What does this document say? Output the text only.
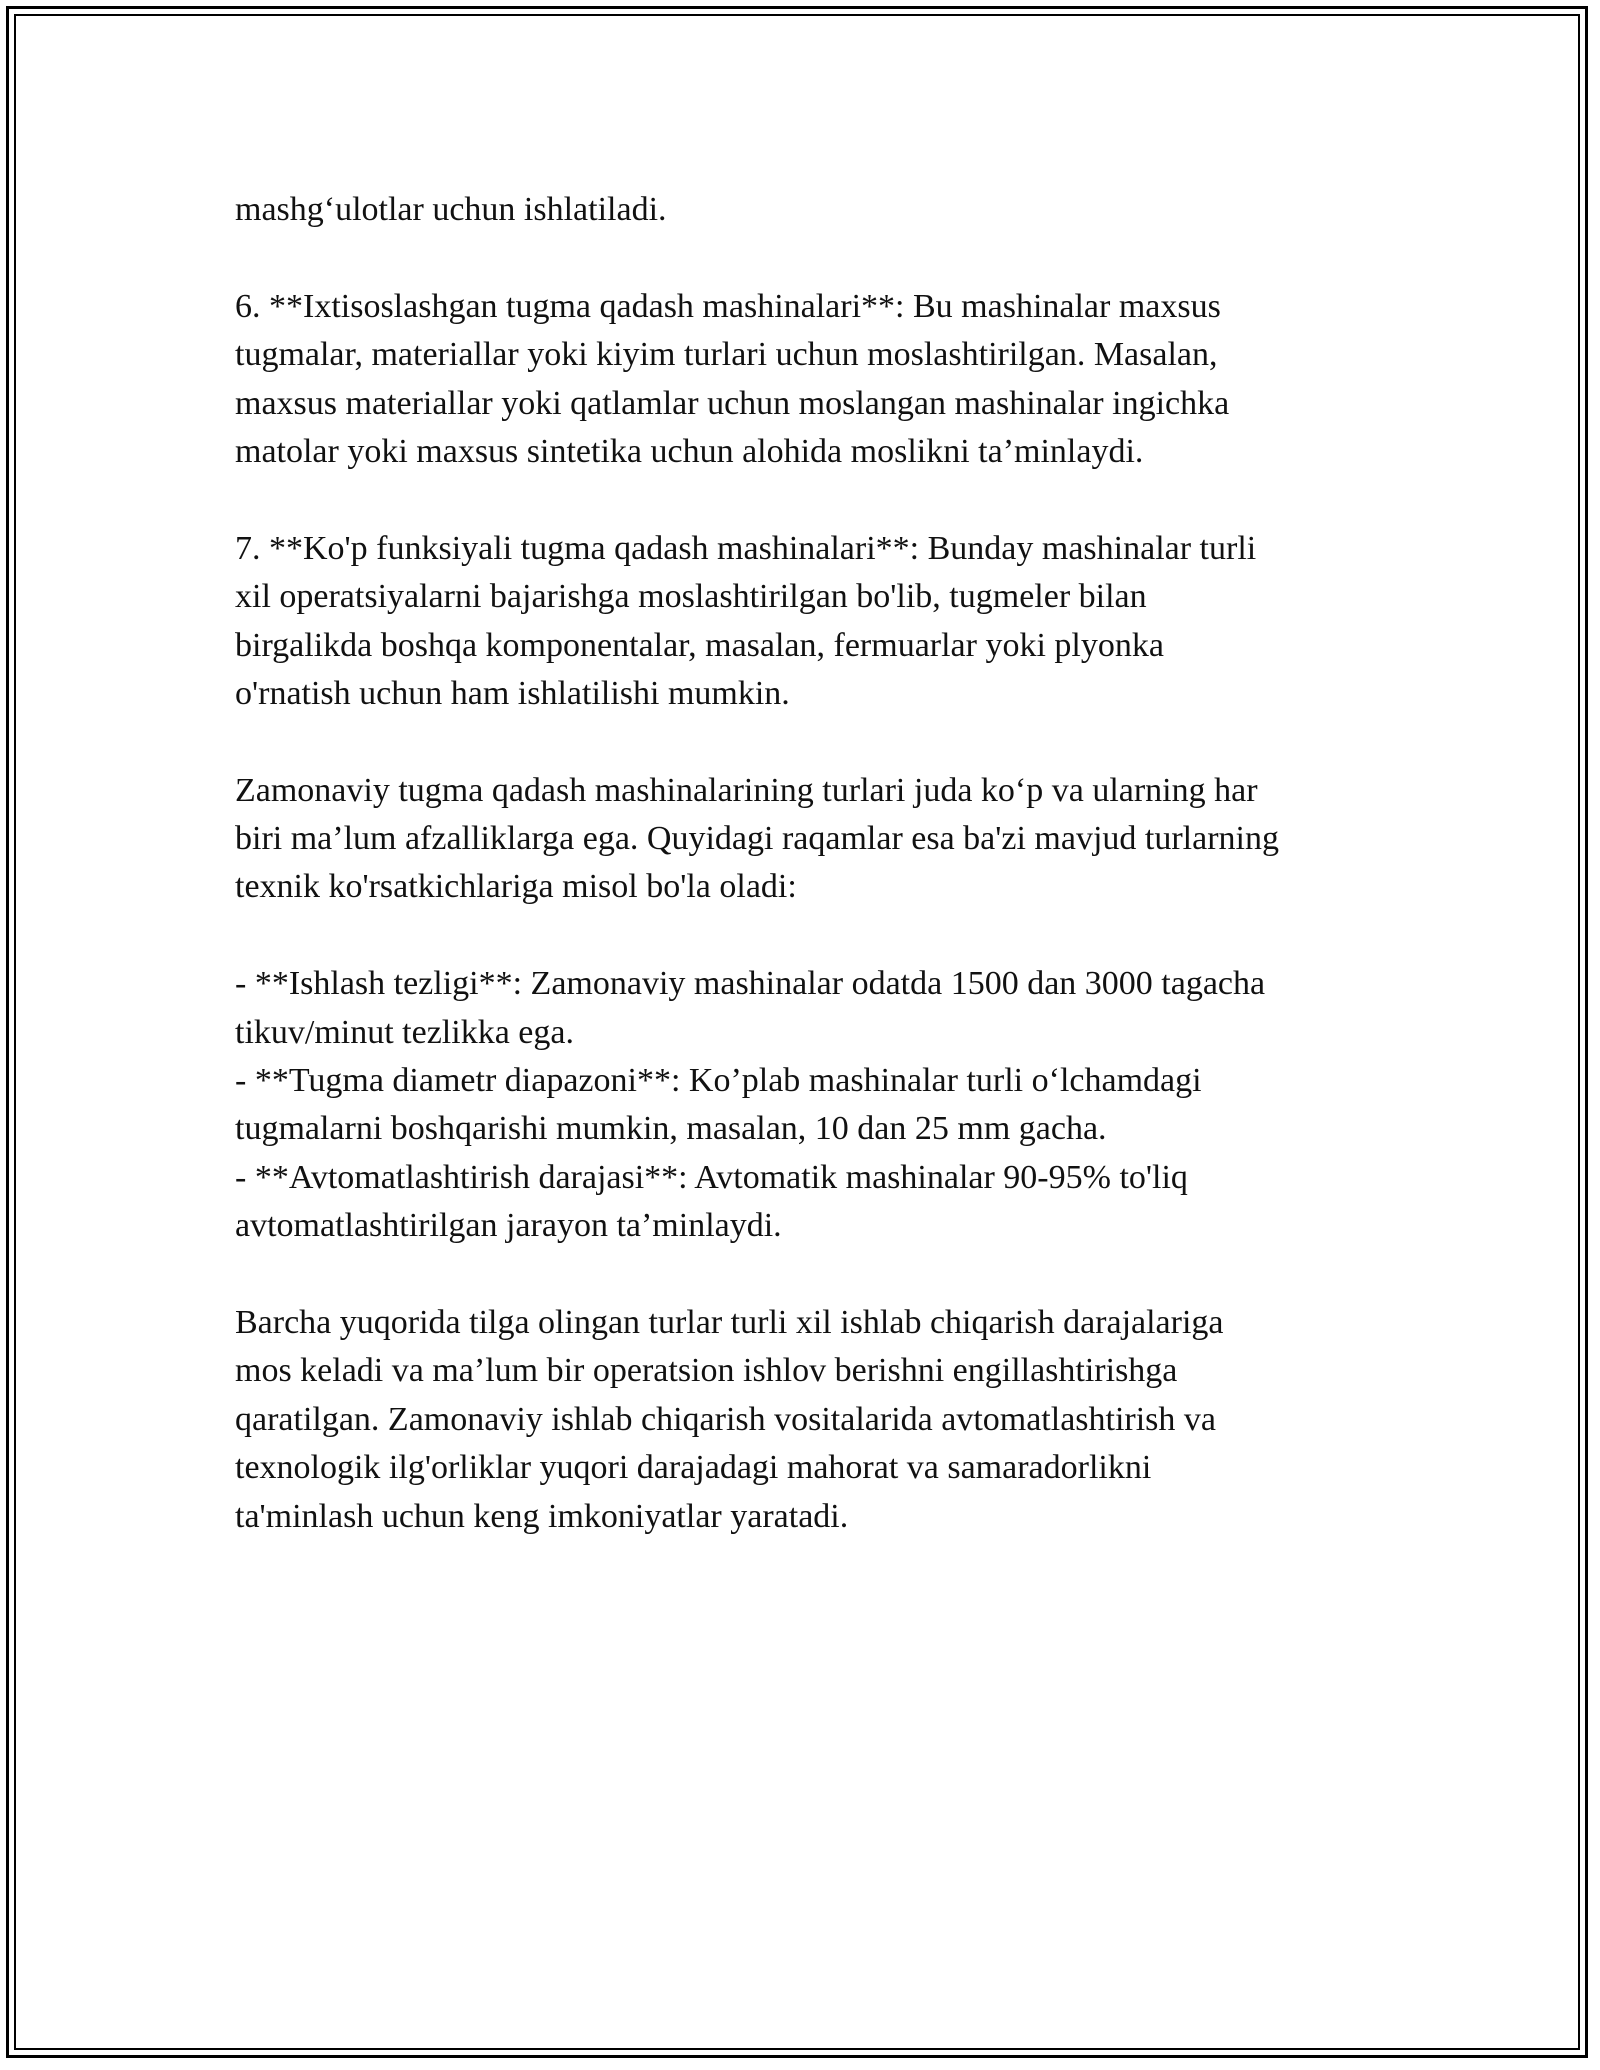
mashg‘ulotlar uchun ishlatiladi.
6. **Ixtisoslashgan tugma qadash mashinalari**: Bu mashinalar maxsus
tugmalar, materiallar yoki kiyim turlari uchun moslashtirilgan. Masalan,
maxsus materiallar yoki qatlamlar uchun moslangan mashinalar ingichka
matolar yoki maxsus sintetika uchun alohida moslikni ta’minlaydi.
7. **Ko'p funksiyali tugma qadash mashinalari**: Bunday mashinalar turli
xil operatsiyalarni bajarishga moslashtirilgan bo'lib, tugmeler bilan
birgalikda boshqa komponentalar, masalan, fermuarlar yoki plyonka
o'rnatish uchun ham ishlatilishi mumkin.
Zamonaviy tugma qadash mashinalarining turlari juda ko‘p va ularning har
biri ma’lum afzalliklarga ega. Quyidagi raqamlar esa ba'zi mavjud turlarning
texnik ko'rsatkichlariga misol bo'la oladi:
- **Ishlash tezligi**: Zamonaviy mashinalar odatda 1500 dan 3000 tagacha
tikuv/minut tezlikka ega.
- **Tugma diametr diapazoni**: Ko’plab mashinalar turli o‘lchamdagi
tugmalarni boshqarishi mumkin, masalan, 10 dan 25 mm gacha.
- **Avtomatlashtirish darajasi**: Avtomatik mashinalar 90-95% to'liq
avtomatlashtirilgan jarayon ta’minlaydi.
Barcha yuqorida tilga olingan turlar turli xil ishlab chiqarish darajalariga
mos keladi va ma’lum bir operatsion ishlov berishni engillashtirishga
qaratilgan. Zamonaviy ishlab chiqarish vositalarida avtomatlashtirish va
texnologik ilg'orliklar yuqori darajadagi mahorat va samaradorlikni
ta'minlash uchun keng imkoniyatlar yaratadi.
